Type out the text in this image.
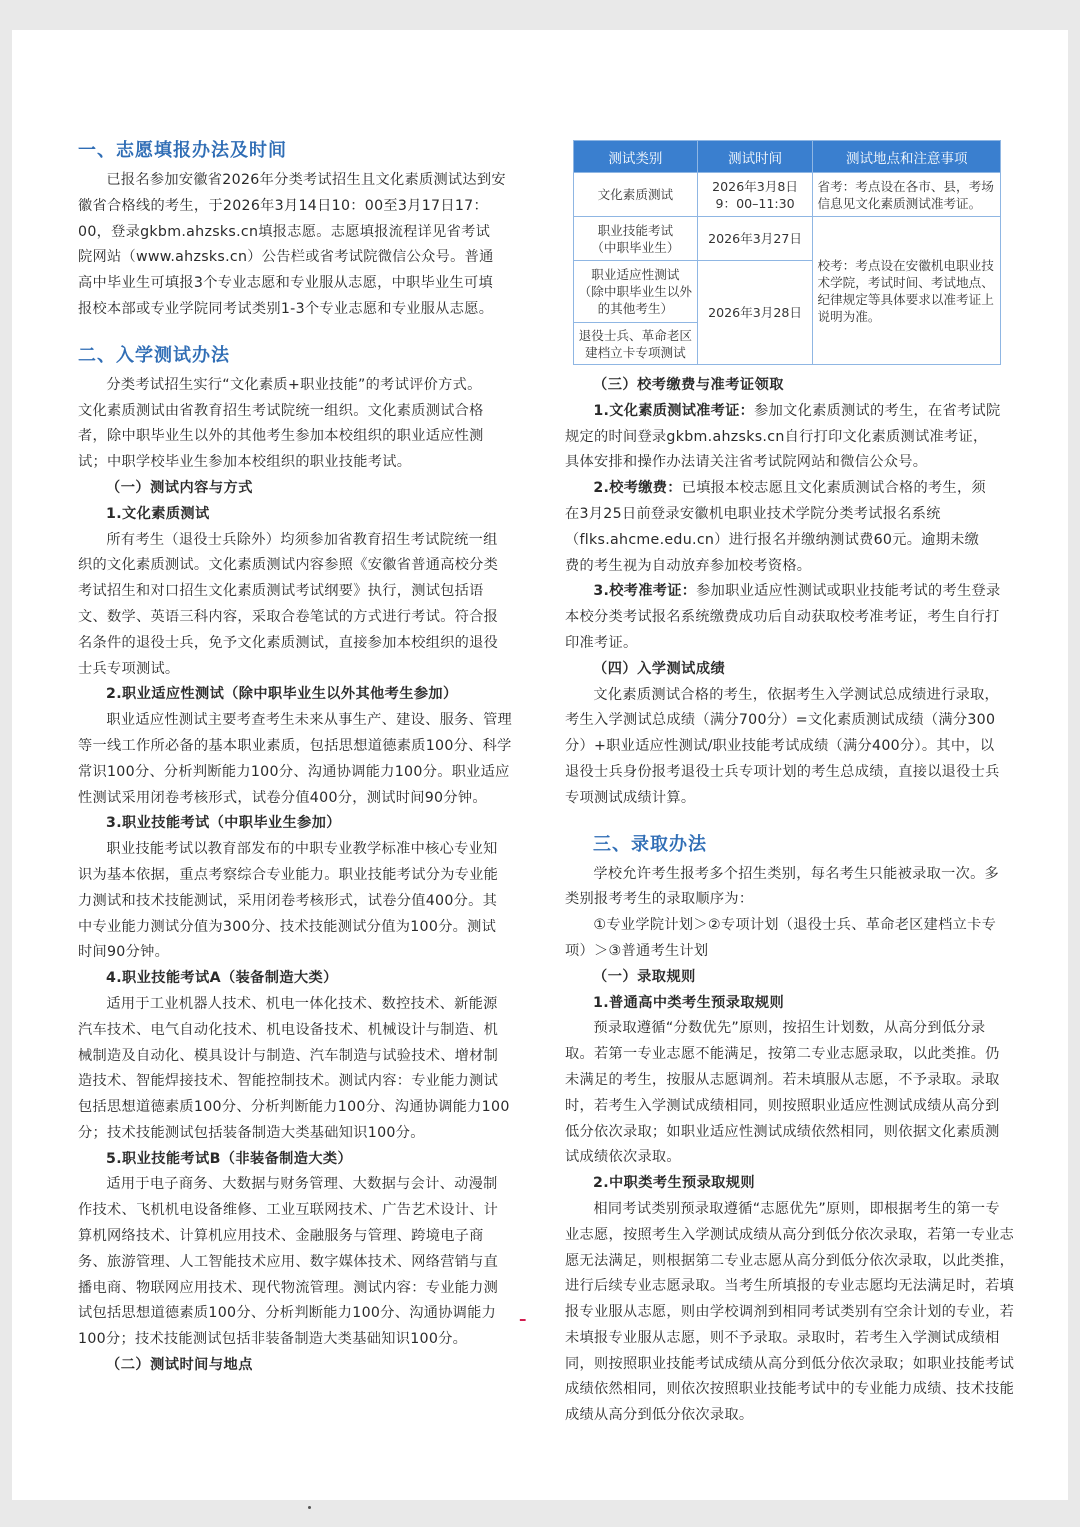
一、志愿填报办法及时间

已报名参加安徽省2026年分类考试招生且文化素质测试达到安

徽省合格线的考生，于2026年3月14日10：00至3月17日17：

00，登录gkbm.ahzsks.cn填报志愿。志愿填报流程详见省考试

院网站（www.ahzsks.cn）公告栏或省考试院微信公众号。普通

高中毕业生可填报3个专业志愿和专业服从志愿，中职毕业生可填

报校本部或专业学院同考试类别1-3个专业志愿和专业服从志愿。

二、入学测试办法

分类考试招生实行“文化素质+职业技能”的考试评价方式。

文化素质测试由省教育招生考试院统一组织。文化素质测试合格

者，除中职毕业生以外的其他考生参加本校组织的职业适应性测

试；中职学校毕业生参加本校组织的职业技能考试。

（一）测试内容与方式
1.文化素质测试

所有考生（退役士兵除外）均须参加省教育招生考试院统一组

织的文化素质测试。文化素质测试内容参照《安徽省普通高校分类

考试招生和对口招生文化素质测试考试纲要》执行，测试包括语

文、数学、英语三科内容，采取合卷笔试的方式进行考试。符合报

名条件的退役士兵，免予文化素质测试，直接参加本校组织的退役

士兵专项测试。

2.职业适应性测试（除中职毕业生以外其他考生参加）

职业适应性测试主要考查考生未来从事生产、建设、服务、管理

等一线工作所必备的基本职业素质，包括思想道德素质100分、科学

常识100分、分析判断能力100分、沟通协调能力100分。职业适应

性测试采用闭卷考核形式，试卷分值400分，测试时间90分钟。

3.职业技能考试（中职毕业生参加）

职业技能考试以教育部发布的中职专业教学标准中核心专业知

识为基本依据，重点考察综合专业能力。职业技能考试分为专业能

力测试和技术技能测试，采用闭卷考核形式，试卷分值400分。其

中专业能力测试分值为300分、技术技能测试分值为100分。测试

时间90分钟。

4.职业技能考试A（装备制造大类）

适用于工业机器人技术、机电一体化技术、数控技术、新能源

汽车技术、电气自动化技术、机电设备技术、机械设计与制造、机

械制造及自动化、模具设计与制造、汽车制造与试验技术、增材制

造技术、智能焊接技术、智能控制技术。测试内容：专业能力测试

包括思想道德素质100分、分析判断能力100分、沟通协调能力100

分；技术技能测试包括装备制造大类基础知识100分。

5.职业技能考试B（非装备制造大类）

适用于电子商务、大数据与财务管理、大数据与会计、动漫制

作技术、飞机机电设备维修、工业互联网技术、广告艺术设计、计

算机网络技术、计算机应用技术、金融服务与管理、跨境电子商

务、旅游管理、人工智能技术应用、数字媒体技术、网络营销与直

播电商、物联网应用技术、现代物流管理。测试内容：专业能力测

试包括思想道德素质100分、分析判断能力100分、沟通协调能力

100分；技术技能测试包括非装备制造大类基础知识100分。

（二）测试时间与地点
测试类别	测试时间	测试地点和注意事项
文化素质测试	2026年3月8日
9：00–11:30	省考：考点设在各市、县，考场信息见文化素质测试准考证。
职业技能考试
（中职毕业生）	2026年3月27日	校考：考点设在安徽机电职业技术学院，考试时间、考试地点、纪律规定等具体要求以准考证上说明为准。
职业适应性测试
（除中职毕业生以外
的其他考生）	2026年3月28日	
退役士兵、革命老区
建档立卡专项测试		
（三）校考缴费与准考证领取

1.文化素质测试准考证：参加文化素质测试的考生，在省考试院

规定的时间登录gkbm.ahzsks.cn自行打印文化素质测试准考证，

具体安排和操作办法请关注省考试院网站和微信公众号。

2.校考缴费：已填报本校志愿且文化素质测试合格的考生，须

在3月25日前登录安徽机电职业技术学院分类考试报名系统

（flks.ahcme.edu.cn）进行报名并缴纳测试费60元。逾期未缴

费的考生视为自动放弃参加校考资格。

3.校考准考证：参加职业适应性测试或职业技能考试的考生登录

本校分类考试报名系统缴费成功后自动获取校考准考证，考生自行打

印准考证。

（四）入学测试成绩

文化素质测试合格的考生，依据考生入学测试总成绩进行录取，

考生入学测试总成绩（满分700分）=文化素质测试成绩（满分300

分）+职业适应性测试/职业技能考试成绩（满分400分）。其中，以

退役士兵身份报考退役士兵专项计划的考生总成绩，直接以退役士兵

专项测试成绩计算。

三、录取办法

学校允许考生报考多个招生类别，每名考生只能被录取一次。多

类别报考考生的录取顺序为：

①专业学院计划＞②专项计划（退役士兵、革命老区建档立卡专

项）＞③普通考生计划

（一）录取规则
1.普通高中类考生预录取规则

预录取遵循“分数优先”原则，按招生计划数，从高分到低分录

取。若第一专业志愿不能满足，按第二专业志愿录取，以此类推。仍

未满足的考生，按服从志愿调剂。若未填服从志愿，不予录取。录取

时，若考生入学测试成绩相同，则按照职业适应性测试成绩从高分到

低分依次录取；如职业适应性测试成绩依然相同，则依据文化素质测

试成绩依次录取。

2.中职类考生预录取规则

相同考试类别预录取遵循“志愿优先”原则，即根据考生的第一专

业志愿，按照考生入学测试成绩从高分到低分依次录取，若第一专业志

愿无法满足，则根据第二专业志愿从高分到低分依次录取，以此类推，

进行后续专业志愿录取。当考生所填报的专业志愿均无法满足时，若填

报专业服从志愿，则由学校调剂到相同考试类别有空余计划的专业，若

未填报专业服从志愿，则不予录取。录取时，若考生入学测试成绩相

同，则按照职业技能考试成绩从高分到低分依次录取；如职业技能考试

成绩依然相同，则依次按照职业技能考试中的专业能力成绩、技术技能

成绩从高分到低分依次录取。

ـ
